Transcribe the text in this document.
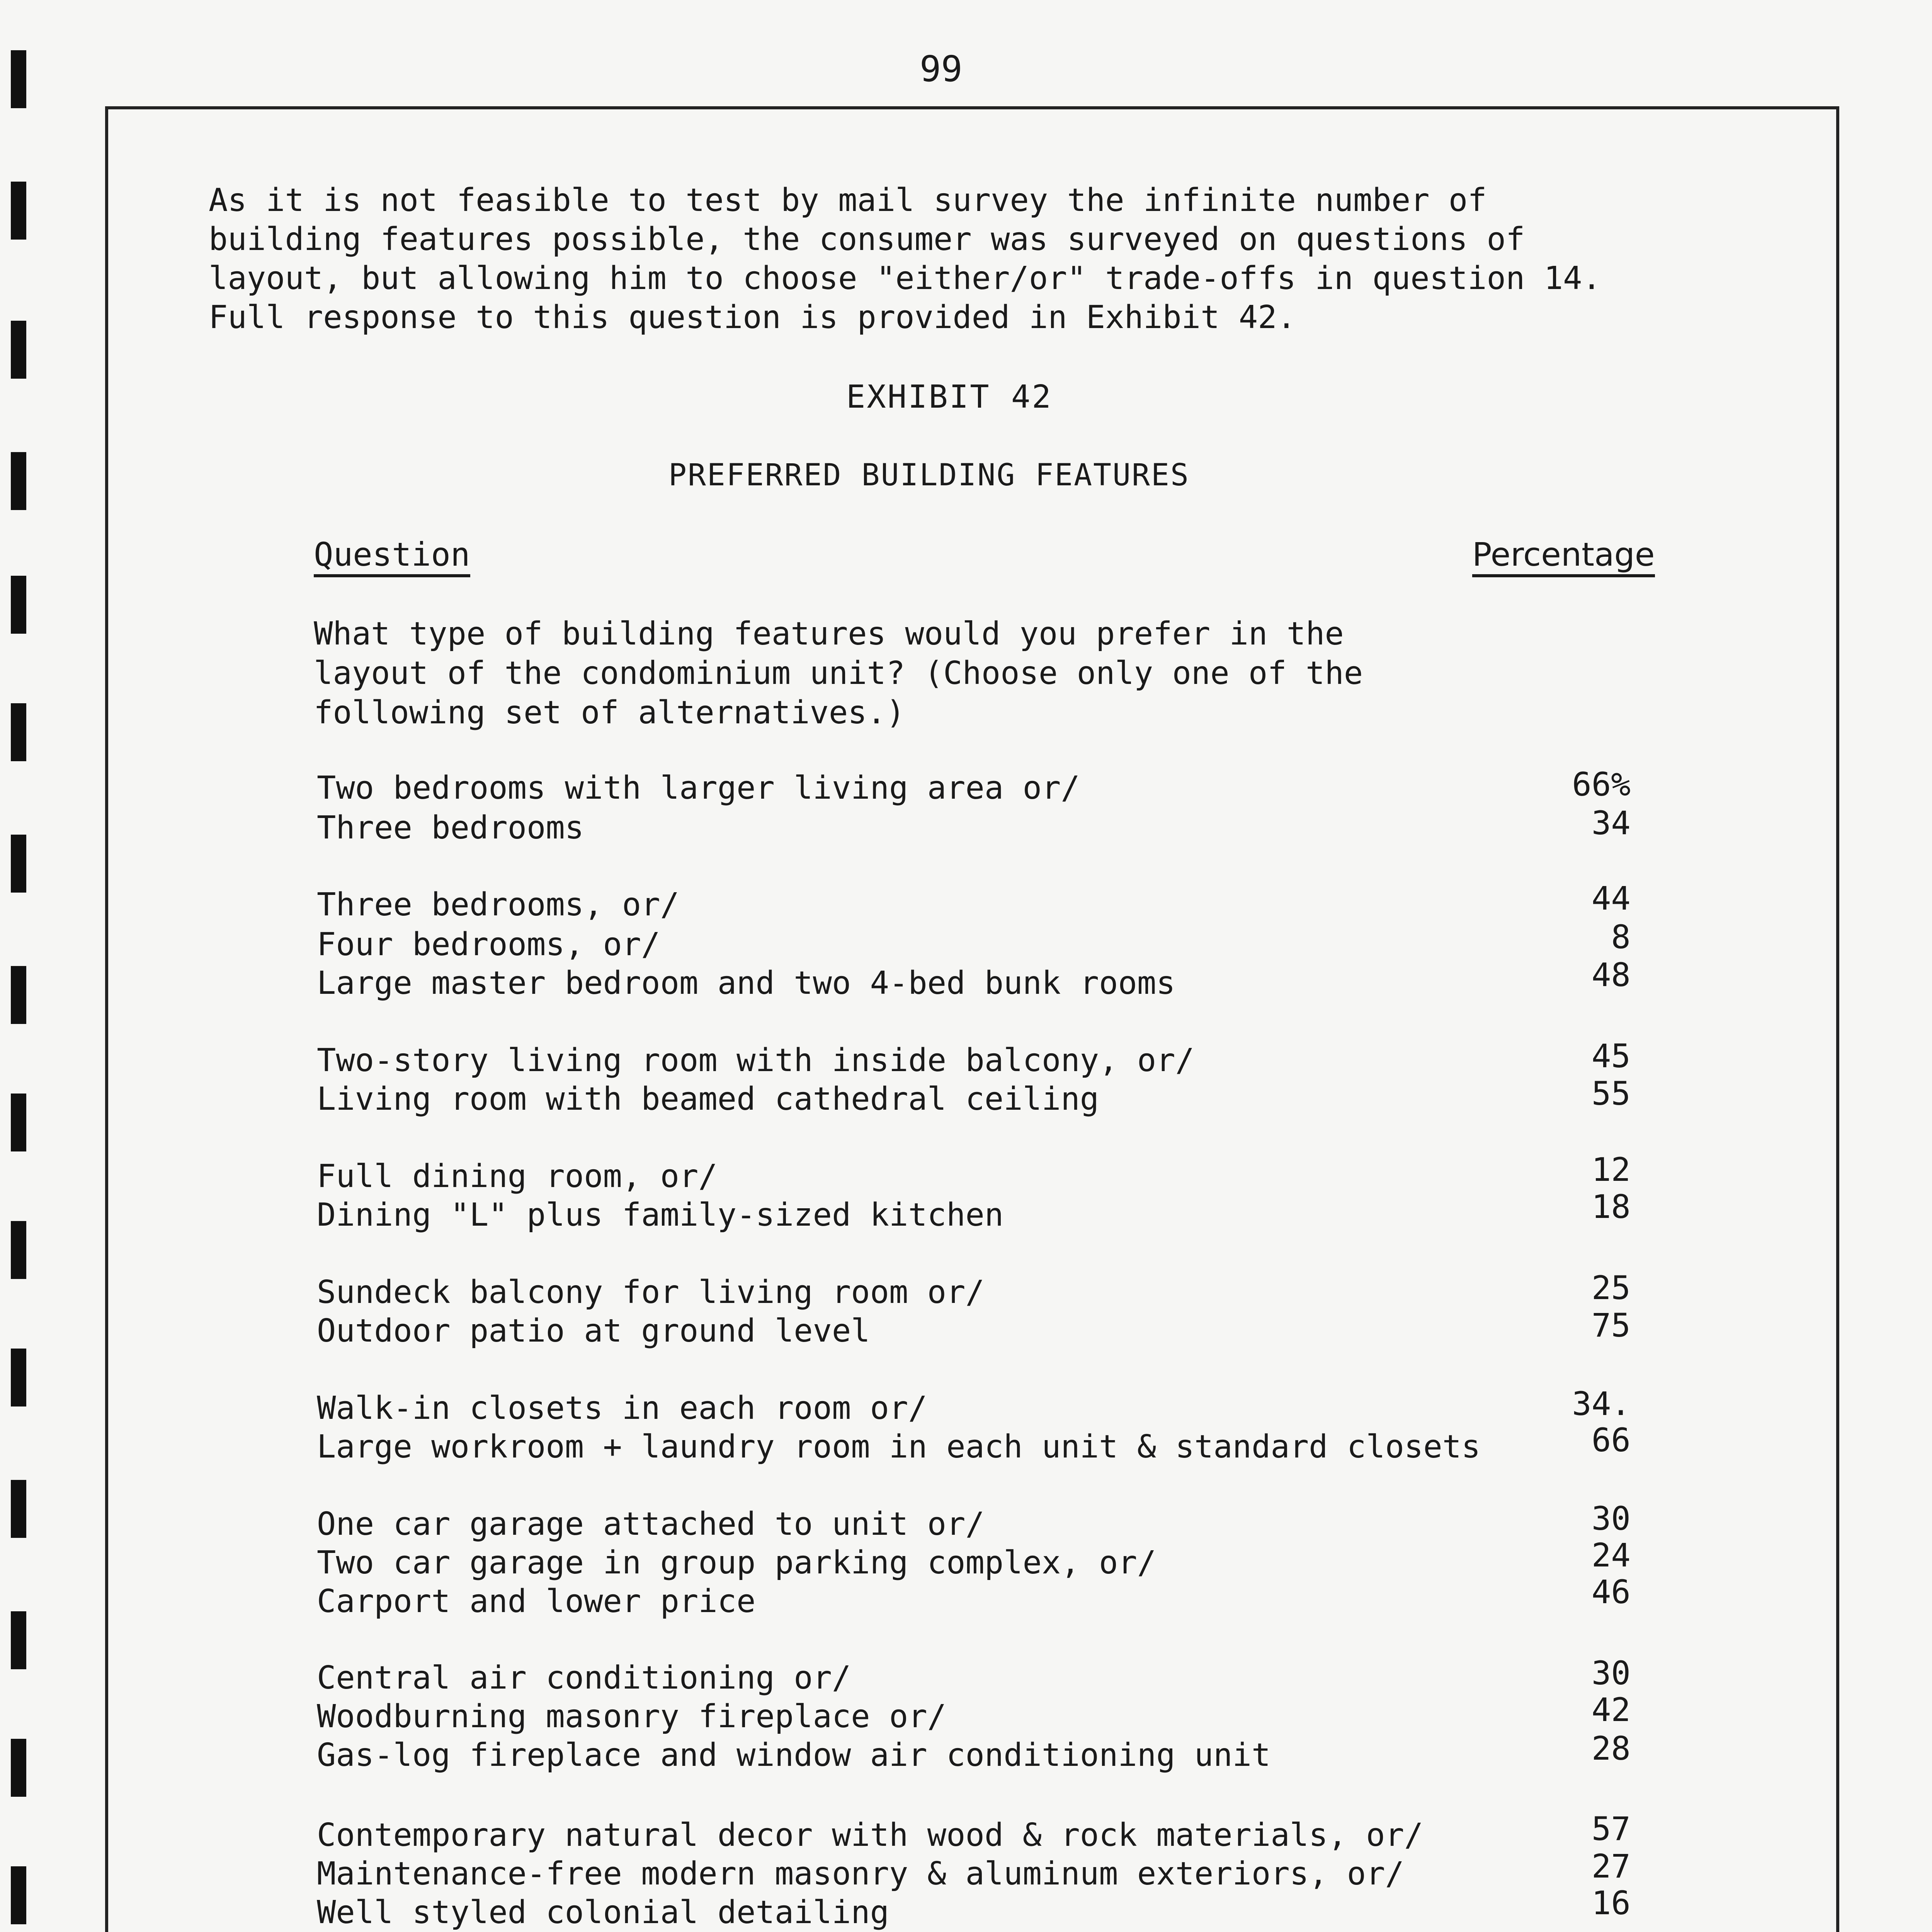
99
As it is not feasible to test by mail survey the infinite number of
building features possible, the consumer was surveyed on questions of
layout, but allowing him to choose "either/or" trade-offs in question 14.
Full response to this question is provided in Exhibit 42.
EXHIBIT 42
PREFERRED BUILDING FEATURES
Question	Percentage
What type of building features would you prefer in the
layout of the condominium unit? (Choose only one of the
following set of alternatives.)
Two bedrooms with larger living area or/	66%
Three bedrooms	34
Three bedrooms, or/	44
Four bedrooms, or/	8
Large master bedroom and two 4-bed bunk rooms	48
Two-story living room with inside balcony, or/	45
Living room with beamed cathedral ceiling	55
Full dining room, or/	12
Dining "L" plus family-sized kitchen	18
Sundeck balcony for living room or/	25
Outdoor patio at ground level	75
Walk-in closets in each room or/	34.
Large workroom + laundry room in each unit & standard closets	66
One car garage attached to unit or/	30
Two car garage in group parking complex, or/	24
Carport and lower price	46
Central air conditioning or/	30
Woodburning masonry fireplace or/	42
Gas-log fireplace and window air conditioning unit	28
Contemporary natural decor with wood & rock materials, or/	57
Maintenance-free modern masonry & aluminum exteriors, or/	27
Well styled colonial detailing	16
